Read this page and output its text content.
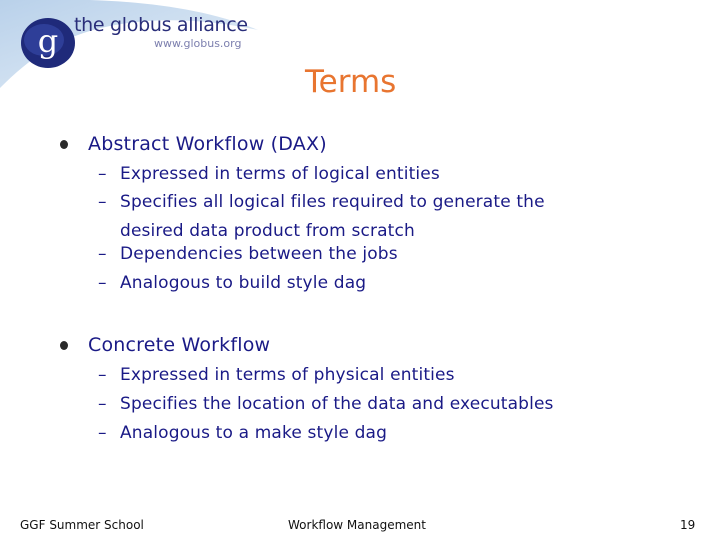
g the globus alliance
www.globus.org
Terms
Abstract Workflow (DAX)
– Expressed in terms of logical entities
– Specifies all logical files required to generate the
desired data product from scratch
– Dependencies between the jobs
– Analogous to build style dag
Concrete Workflow
– Expressed in terms of physical entities
– Specifies the location of the data and executables
– Analogous to a make style dag
GGF Summer School	Workflow Management	19
